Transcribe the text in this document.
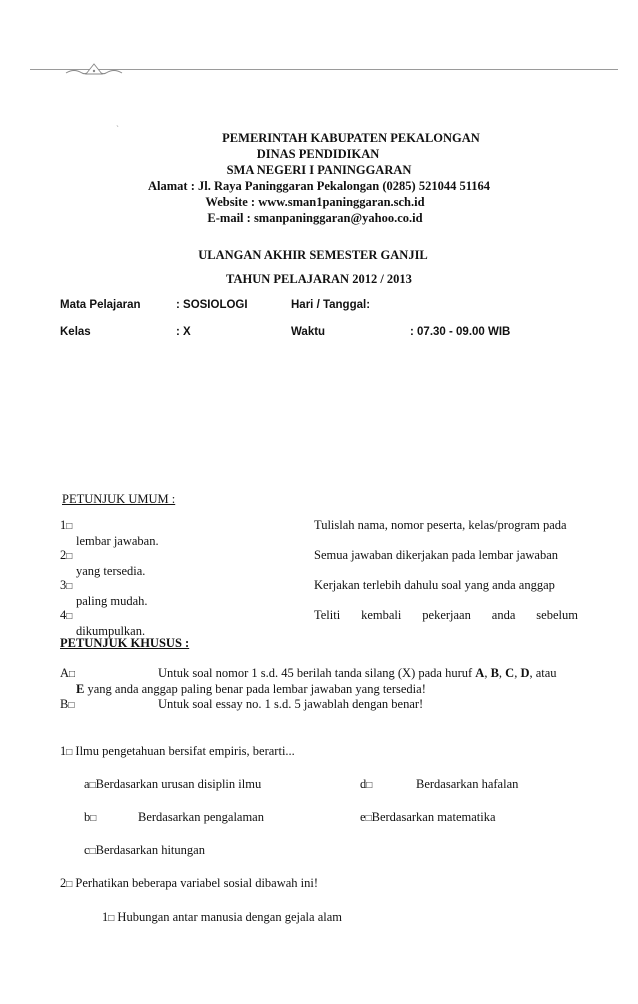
`
PEMERINTAH KABUPATEN PEKALONGAN
DINAS PENDIDIKAN
SMA NEGERI I PANINGGARAN
Alamat : Jl. Raya Paninggaran Pekalongan (0285) 521044 51164
Website : www.sman1paninggaran.sch.id
E-mail : smanpaninggaran@yahoo.co.id
ULANGAN AKHIR SEMESTER GANJIL
TAHUN PELAJARAN 2012 / 2013
Mata Pelajaran	: SOSIOLOGI	Hari / Tanggal:
Kelas	: X	Waktu	: 07.30 - 09.00 WIB
PETUNJUK UMUM :
1□	Tulislah nama, nomor peserta, kelas/program pada
lembar jawaban.
2□	Semua jawaban dikerjakan pada lembar jawaban
yang tersedia.
3□	Kerjakan terlebih dahulu soal yang anda anggap
paling mudah.
4□	Teliti kembali pekerjaan anda sebelum
dikumpulkan.
PETUNJUK KHUSUS :
A□	Untuk soal nomor 1 s.d. 45 berilah tanda silang (X) pada huruf A, B, C, D, atau
E yang anda anggap paling benar pada lembar jawaban yang tersedia!
B□	Untuk soal essay no. 1 s.d. 5 jawablah dengan benar!
1□ Ilmu pengetahuan bersifat empiris, berarti...
a□Berdasarkan urusan disiplin ilmu	d□	Berdasarkan hafalan
b□	Berdasarkan pengalaman	e□Berdasarkan matematika
c□Berdasarkan hitungan
2□ Perhatikan beberapa variabel sosial dibawah ini!
1□ Hubungan antar manusia dengan gejala alam
